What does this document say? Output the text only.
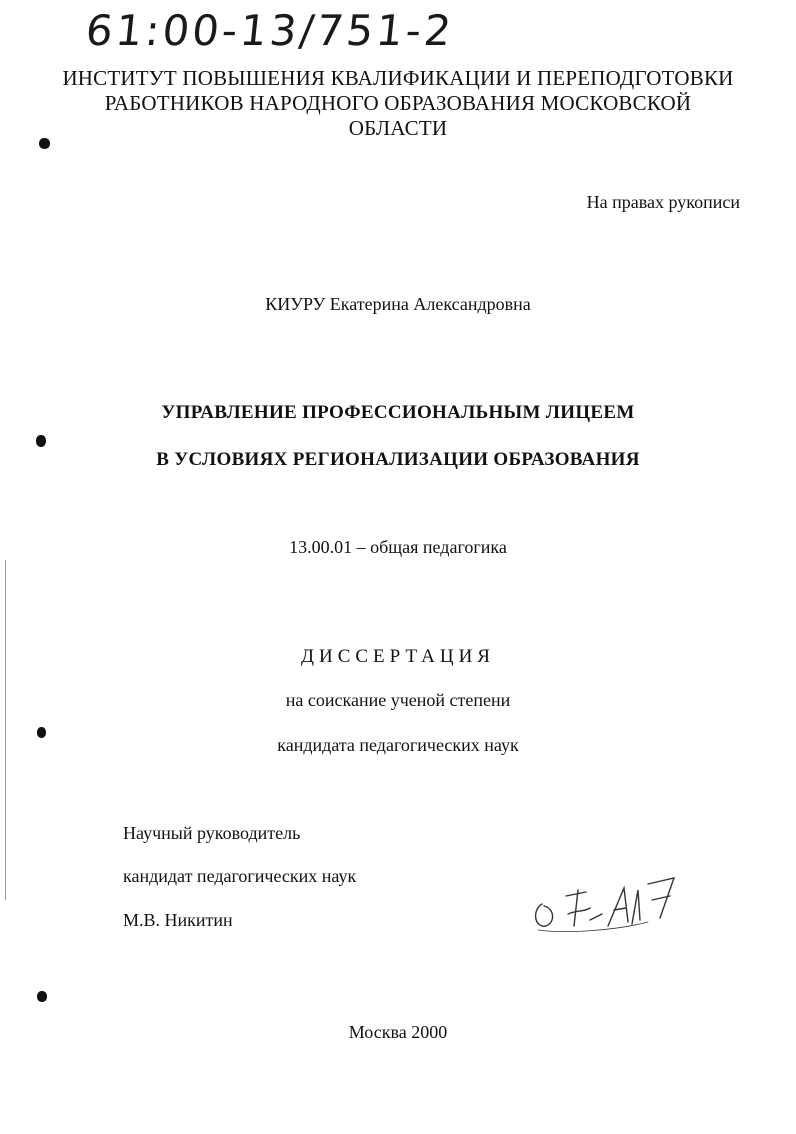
61:00-13/751-2
ИНСТИТУТ ПОВЫШЕНИЯ КВАЛИФИКАЦИИ И ПЕРЕПОДГОТОВКИ
РАБОТНИКОВ НАРОДНОГО ОБРАЗОВАНИЯ МОСКОВСКОЙ
ОБЛАСТИ
На правах рукописи
КИУРУ Екатерина Александровна
УПРАВЛЕНИЕ ПРОФЕССИОНАЛЬНЫМ ЛИЦЕЕМ
В УСЛОВИЯХ РЕГИОНАЛИЗАЦИИ ОБРАЗОВАНИЯ
13.00.01 – общая педагогика
ДИССЕРТАЦИЯ
на соискание ученой степени
кандидата педагогических наук
Научный руководитель
кандидат педагогических наук
М.В. Никитин
Москва 2000
